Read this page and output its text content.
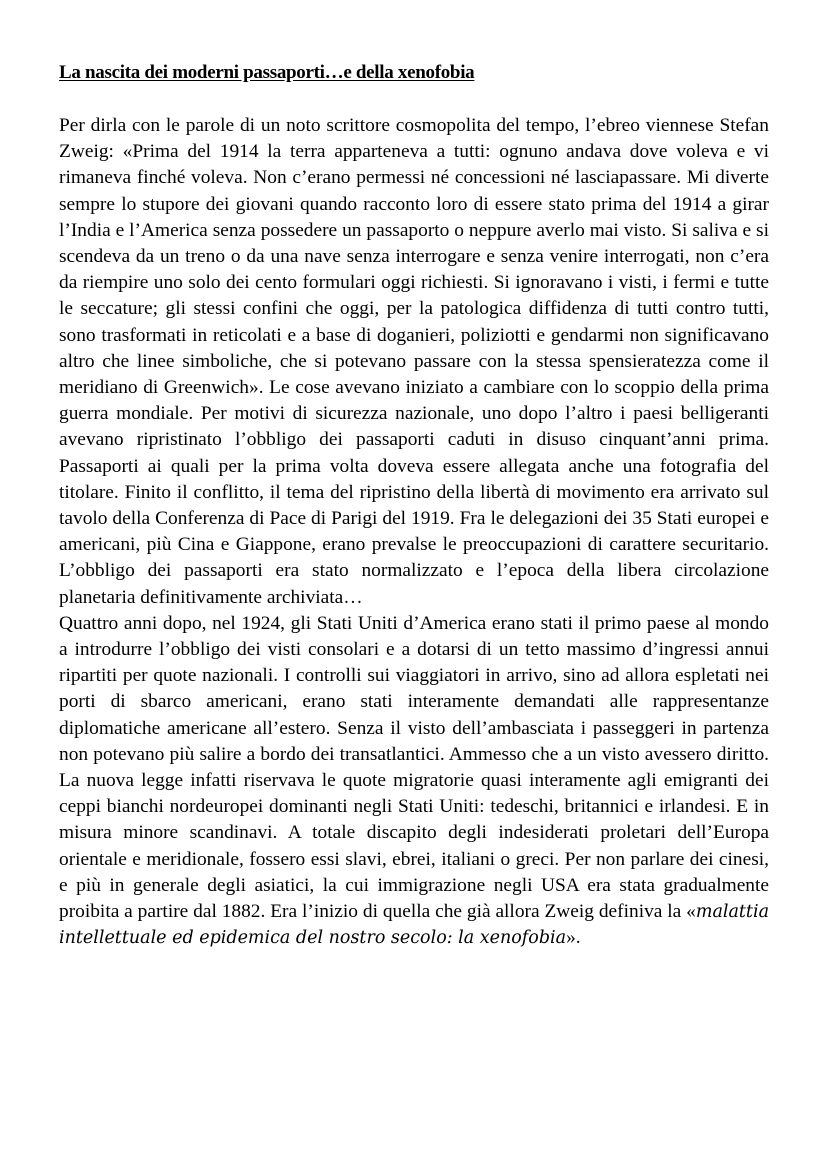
La nascita dei moderni passaporti…e della xenofobia

Per dirla con le parole di un noto scrittore cosmopolita del tempo, l’ebreo viennese Stefan Zweig: «Prima del 1914 la terra apparteneva a tutti: ognuno andava dove voleva e vi rimaneva finché voleva. Non c’erano permessi né concessioni né lasciapassare. Mi diverte sempre lo stupore dei giovani quando racconto loro di essere stato prima del 1914 a girar l’India e l’America senza possedere un passaporto o neppure averlo mai visto. Si saliva e si scendeva da un treno o da una nave senza interrogare e senza venire interrogati, non c’era da riempire uno solo dei cento formulari oggi richiesti. Si ignoravano i visti, i fermi e tutte le seccature; gli stessi confini che oggi, per la patologica diffidenza di tutti contro tutti, sono trasformati in reticolati e a base di doganieri, poliziotti e gendarmi non significavano altro che linee simboliche, che si potevano passare con la stessa spensieratezza come il meridiano di Greenwich». Le cose avevano iniziato a cambiare con lo scoppio della prima guerra mondiale. Per motivi di sicurezza nazionale, uno dopo l’altro i paesi belligeranti avevano ripristinato l’obbligo dei passaporti caduti in disuso cinquant’anni prima. Passaporti ai quali per la prima volta doveva essere allegata anche una fotografia del titolare. Finito il conflitto, il tema del ripristino della libertà di movimento era arrivato sul tavolo della Conferenza di Pace di Parigi del 1919. Fra le delegazioni dei 35 Stati europei e americani, più Cina e Giappone, erano prevalse le preoccupazioni di carattere securitario. L’obbligo dei passaporti era stato normalizzato e l’epoca della libera circolazione planetaria definitivamente archiviata…

Quattro anni dopo, nel 1924, gli Stati Uniti d’America erano stati il primo paese al mondo a introdurre l’obbligo dei visti consolari e a dotarsi di un tetto massimo d’ingressi annui ripartiti per quote nazionali. I controlli sui viaggiatori in arrivo, sino ad allora espletati nei porti di sbarco americani, erano stati interamente demandati alle rappresentanze diplomatiche americane all’estero. Senza il visto dell’ambasciata i passeggeri in partenza non potevano più salire a bordo dei transatlantici. Ammesso che a un visto avessero diritto. La nuova legge infatti riservava le quote migratorie quasi interamente agli emigranti dei ceppi bianchi nordeuropei dominanti negli Stati Uniti: tedeschi, britannici e irlandesi. E in misura minore scandinavi. A totale discapito degli indesiderati proletari dell’Europa orientale e meridionale, fossero essi slavi, ebrei, italiani o greci. Per non parlare dei cinesi, e più in generale degli asiatici, la cui immigrazione negli USA era stata gradualmente proibita a partire dal 1882. Era l’inizio di quella che già allora Zweig definiva la «malattia intellettuale ed epidemica del nostro secolo: la xenofobia».
